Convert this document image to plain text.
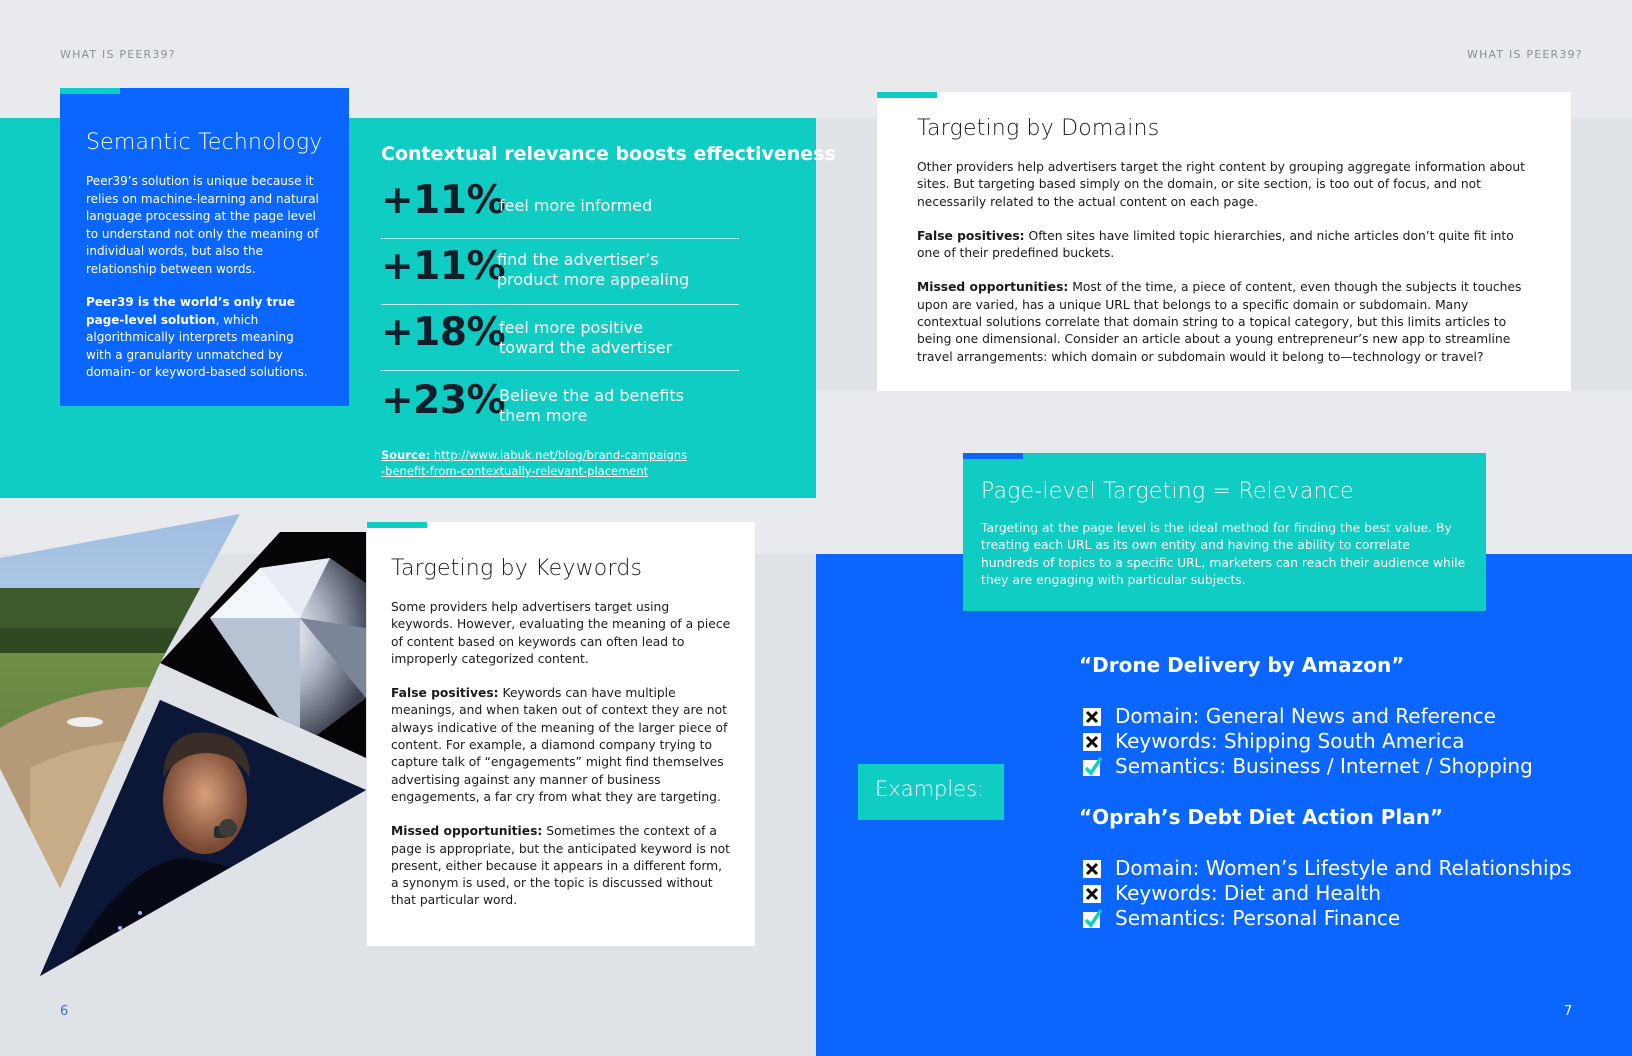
WHAT IS PEER39?	WHAT IS PEER39?
Semantic Technology

Peer39’s solution is unique because it relies on machine-learning and natural language processing at the page level to understand not only the meaning of individual words, but also the relationship between words.

Peer39 is the world’s only true page-level solution, which algorithmically interprets meaning with a granularity unmatched by domain- or keyword-based solutions.

Contextual relevance boosts effectiveness
+11%
feel more informed
+11%
find the advertiser’s
product more appealing
+18%
feel more positive
toward the advertiser
+23%
Believe the ad benefits
them more
Source: http://www.iabuk.net/blog/brand-campaigns
-benefit-from-contextually-relevant-placement
Targeting by Domains

Other providers help advertisers target the right content by grouping aggregate information about sites. But targeting based simply on the domain, or site section, is too out of focus, and not necessarily related to the actual content on each page.

False positives: Often sites have limited topic hierarchies, and niche articles don’t quite fit into one of their predefined buckets.

Missed opportunities: Most of the time, a piece of content, even though the subjects it touches upon are varied, has a unique URL that belongs to a specific domain or subdomain. Many contextual solutions correlate that domain string to a topical category, but this limits articles to being one dimensional. Consider an article about a young entrepreneur’s new app to streamline travel arrangements: which domain or subdomain would it belong to—technology or travel?

Targeting by Keywords

Some providers help advertisers target using keywords. However, evaluating the meaning of a piece of content based on keywords can often lead to improperly categorized content.

False positives: Keywords can have multiple meanings, and when taken out of context they are not always indicative of the meaning of the larger piece of content. For example, a diamond company trying to capture talk of “engagements” might find themselves advertising against any manner of business engagements, a far cry from what they are targeting.

Missed opportunities: Sometimes the context of a page is appropriate, but the anticipated keyword is not present, either because it appears in a different form, a synonym is used, or the topic is discussed without that particular word.

Page-level Targeting = Relevance

Targeting at the page level is the ideal method for finding the best value. By treating each URL as its own entity and having the ability to correlate hundreds of topics to a specific URL, marketers can reach their audience while they are engaging with particular subjects.

Examples:
“Drone Delivery by Amazon”
Domain: General News and Reference
Keywords: Shipping South America
Semantics: Business / Internet / Shopping
“Oprah’s Debt Diet Action Plan”
Domain: Women’s Lifestyle and Relationships
Keywords: Diet and Health
Semantics: Personal Finance
6	7
